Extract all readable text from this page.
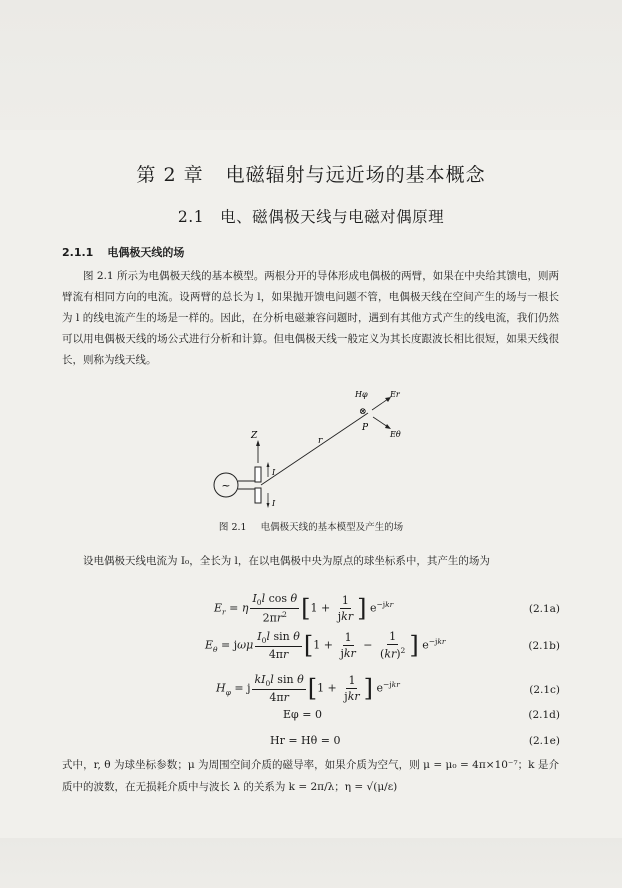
第 2 章 电磁辐射与远近场的基本概念
2.1 电、磁偶极天线与电磁对偶原理
2.1.1 电偶极天线的场
图 2.1 所示为电偶极天线的基本模型。两根分开的导体形成电偶极的两臂，如果在中央给其馈电，则两臂流有相同方向的电流。设两臂的总长为 l，如果抛开馈电问题不管，电偶极天线在空间产生的场与一根长为 l 的线电流产生的场是一样的。因此，在分析电磁兼容问题时，遇到有其他方式产生的线电流，我们仍然可以用电偶极天线的场公式进行分析和计算。但电偶极天线一般定义为其长度跟波长相比很短，如果天线很长，则称为线天线。
~
Z
I
I
r
Er
Hφ
⊗
Eθ
P
图 2.1 电偶极天线的基本模型及产生的场
设电偶极天线电流为 I₀，全长为 l，在以电偶极中央为原点的球坐标系中，其产生的场为
$E_r = \eta \frac{I_0l \cos \theta}{2\pi r^2} [1 + \frac{1}{\text{jkr}}$ ] $e^{-jkr}$	(2.1a)
$E_\theta = j\omega\mu \frac{I_0l \sin \theta}{4\pi r} [1 + \frac{1}{\text{jkr}} - \frac{1}{(kr)^2}$ ] $e^{-jkr}$	(2.1b)
$H_\varphi = j \frac{kI_0l \sin \theta}{4\pi r} [1 + \frac{1}{\text{jkr}}$ ] $e^{-jkr}$	(2.1c)
Eφ = 0	(2.1d)
Hr = Hθ = 0	(2.1e)
式中，r, θ 为球坐标参数；μ 为周围空间介质的磁导率，如果介质为空气，则 μ = μ₀ = 4π×10⁻⁷；k 是介质中的波数，在无损耗介质中与波长 λ 的关系为 k = 2π/λ；η = √(μ/ε)
